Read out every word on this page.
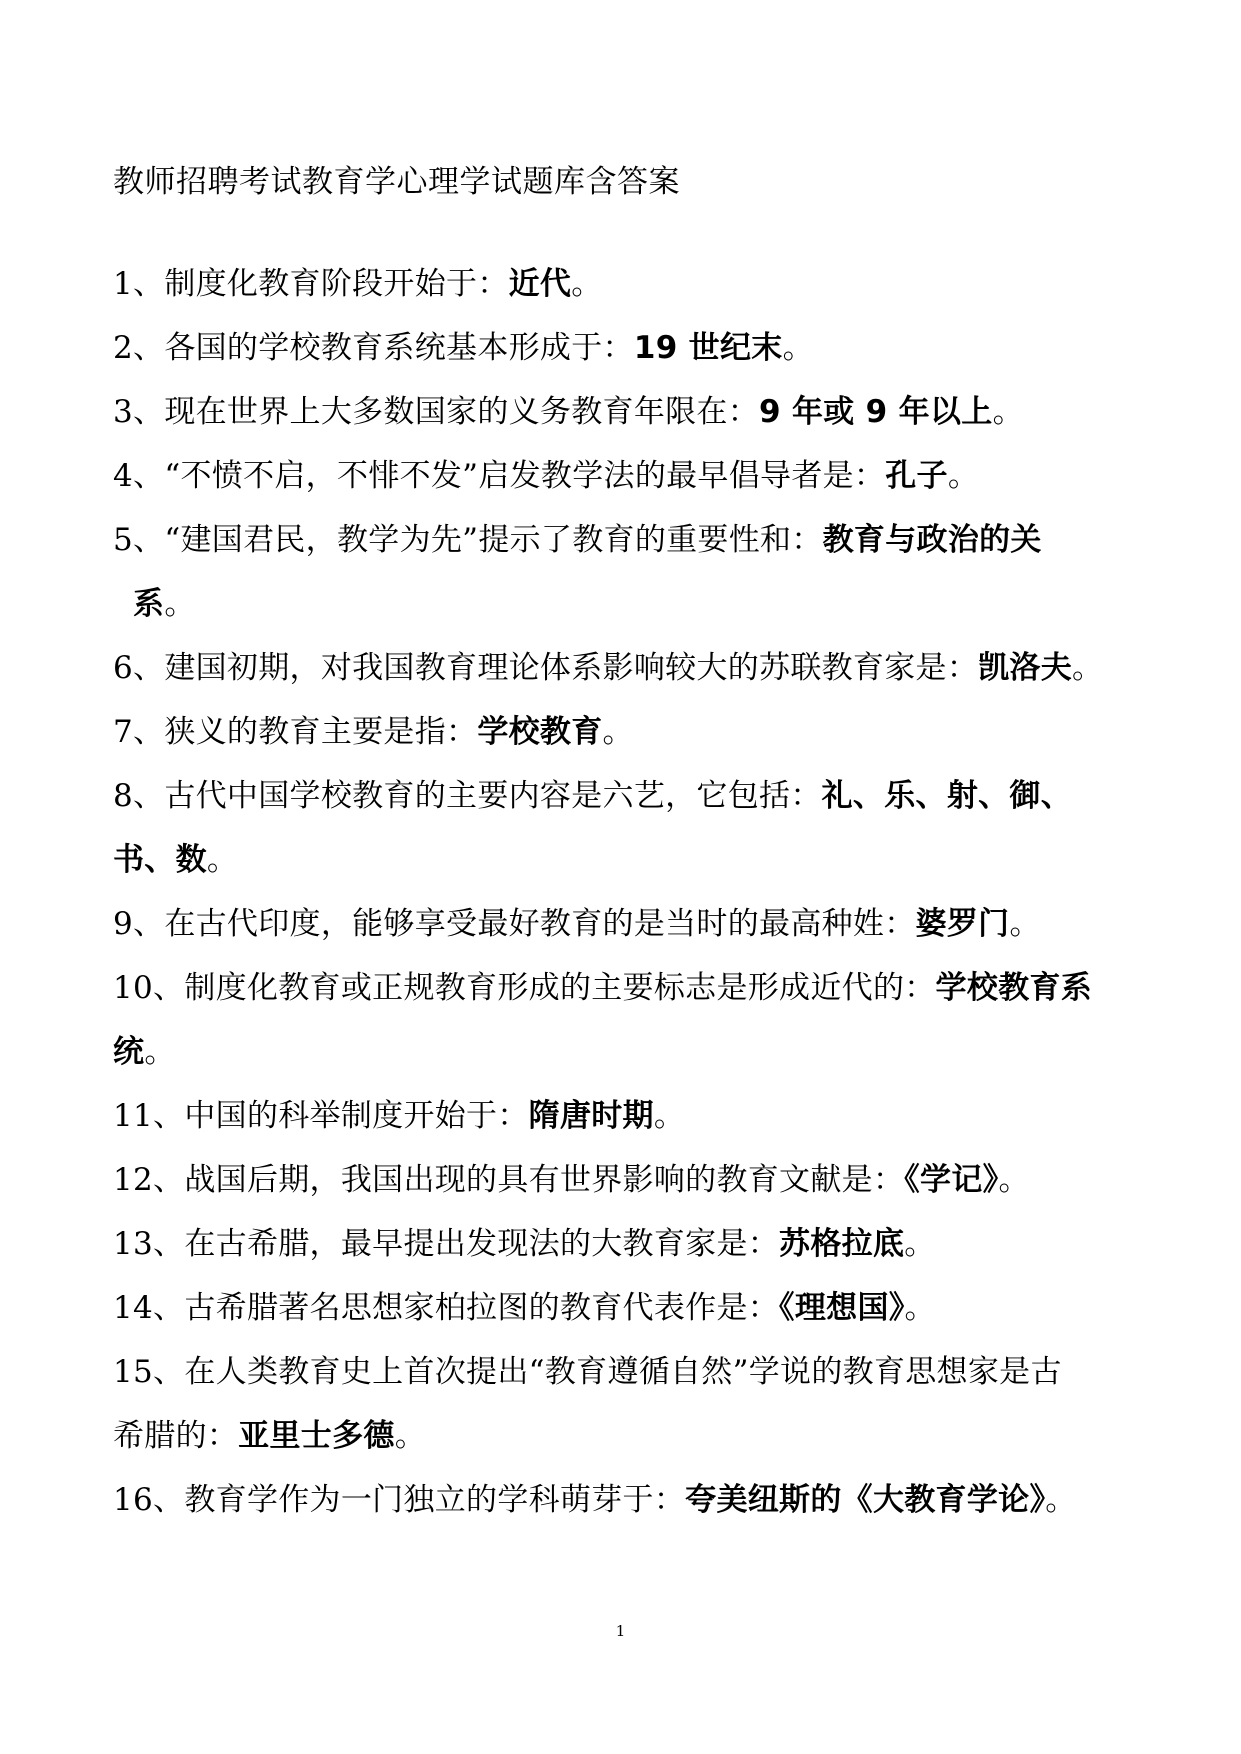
教师招聘考试教育学心理学试题库含答案
1、制度化教育阶段开始于：近代。
2、各国的学校教育系统基本形成于：19 世纪末。
3、现在世界上大多数国家的义务教育年限在：9 年或 9 年以上。
4、“不愤不启，不悱不发”启发教学法的最早倡导者是：孔子。
5、“建国君民，教学为先”提示了教育的重要性和：教育与政治的关
系。
6、建国初期，对我国教育理论体系影响较大的苏联教育家是：凯洛夫。
7、狭义的教育主要是指：学校教育。
8、古代中国学校教育的主要内容是六艺，它包括：礼、乐、射、御、
书、数。
9、在古代印度，能够享受最好教育的是当时的最高种姓：婆罗门。
10、制度化教育或正规教育形成的主要标志是形成近代的：学校教育系
统。
11、中国的科举制度开始于：隋唐时期。
12、战国后期，我国出现的具有世界影响的教育文献是：《学记》。
13、在古希腊，最早提出发现法的大教育家是：苏格拉底。
14、古希腊著名思想家柏拉图的教育代表作是：《理想国》。
15、在人类教育史上首次提出“教育遵循自然”学说的教育思想家是古
希腊的：亚里士多德。
16、教育学作为一门独立的学科萌芽于：夸美纽斯的《大教育学论》。
1
